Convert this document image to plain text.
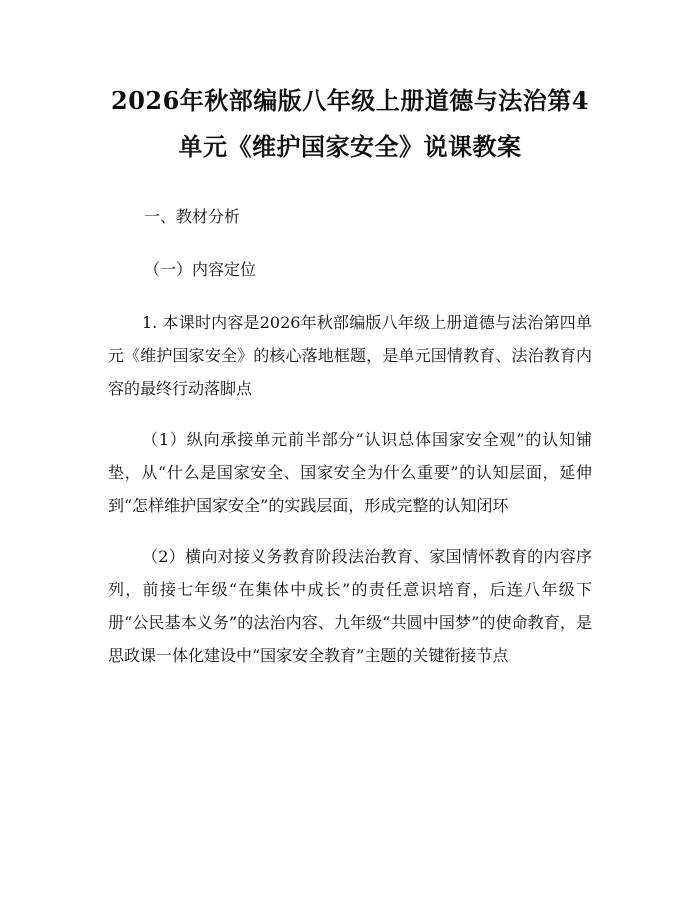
2026年秋部编版八年级上册道德与法治第4
单元《维护国家安全》说课教案

一、教材分析

（一）内容定位

1. 本课时内容是2026年秋部编版八年级上册道德与法治第四单元《维护国家安全》的核心落地框题，是单元国情教育、法治教育内容的最终行动落脚点

（1）纵向承接单元前半部分“认识总体国家安全观”的认知铺垫，从“什么是国家安全、国家安全为什么重要”的认知层面，延伸到“怎样维护国家安全”的实践层面，形成完整的认知闭环

（2）横向对接义务教育阶段法治教育、家国情怀教育的内容序列，前接七年级“在集体中成长”的责任意识培育，后连八年级下册“公民基本义务”的法治内容、九年级“共圆中国梦”的使命教育，是思政课一体化建设中“国家安全教育”主题的关键衔接节点
